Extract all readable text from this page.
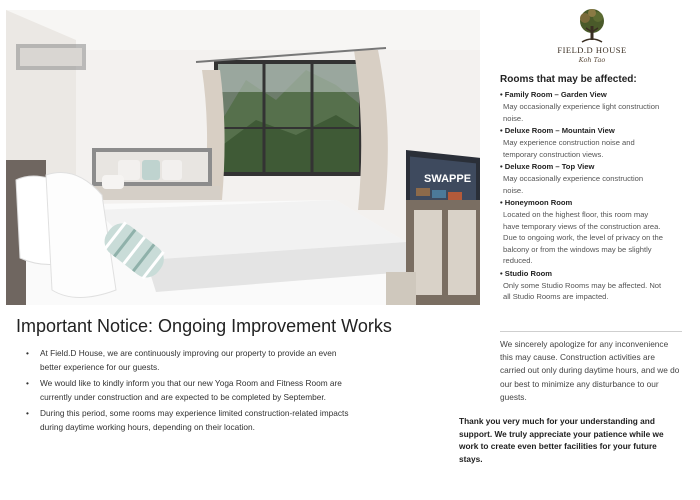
SWAPPE
FIELD.D HOUSE
Koh Tao
Rooms that may be affected:
• Family Room – Garden View
May occasionally experience light construction
noise.
• Deluxe Room – Mountain View
May experience construction noise and
temporary construction views.
• Deluxe Room – Top View
May occasionally experience construction
noise.
• Honeymoon Room
Located on the highest floor, this room may
have temporary views of the construction area.
Due to ongoing work, the level of privacy on the
balcony or from the windows may be slightly
reduced.
• Studio Room
Only some Studio Rooms may be affected. Not
all Studio Rooms are impacted.
We sincerely apologize for any inconvenience
this may cause. Construction activities are
carried out only during daytime hours, and we do
our best to minimize any disturbance to our
guests.
Thank you very much for your understanding and
support. We truly appreciate your patience while we
work to create even better facilities for your future
stays.
Important Notice: Ongoing Improvement Works
• At Field.D House, we are continuously improving our property to provide an even
better experience for our guests.
• We would like to kindly inform you that our new Yoga Room and Fitness Room are
currently under construction and are expected to be completed by September.
• During this period, some rooms may experience limited construction-related impacts
during daytime working hours, depending on their location.
